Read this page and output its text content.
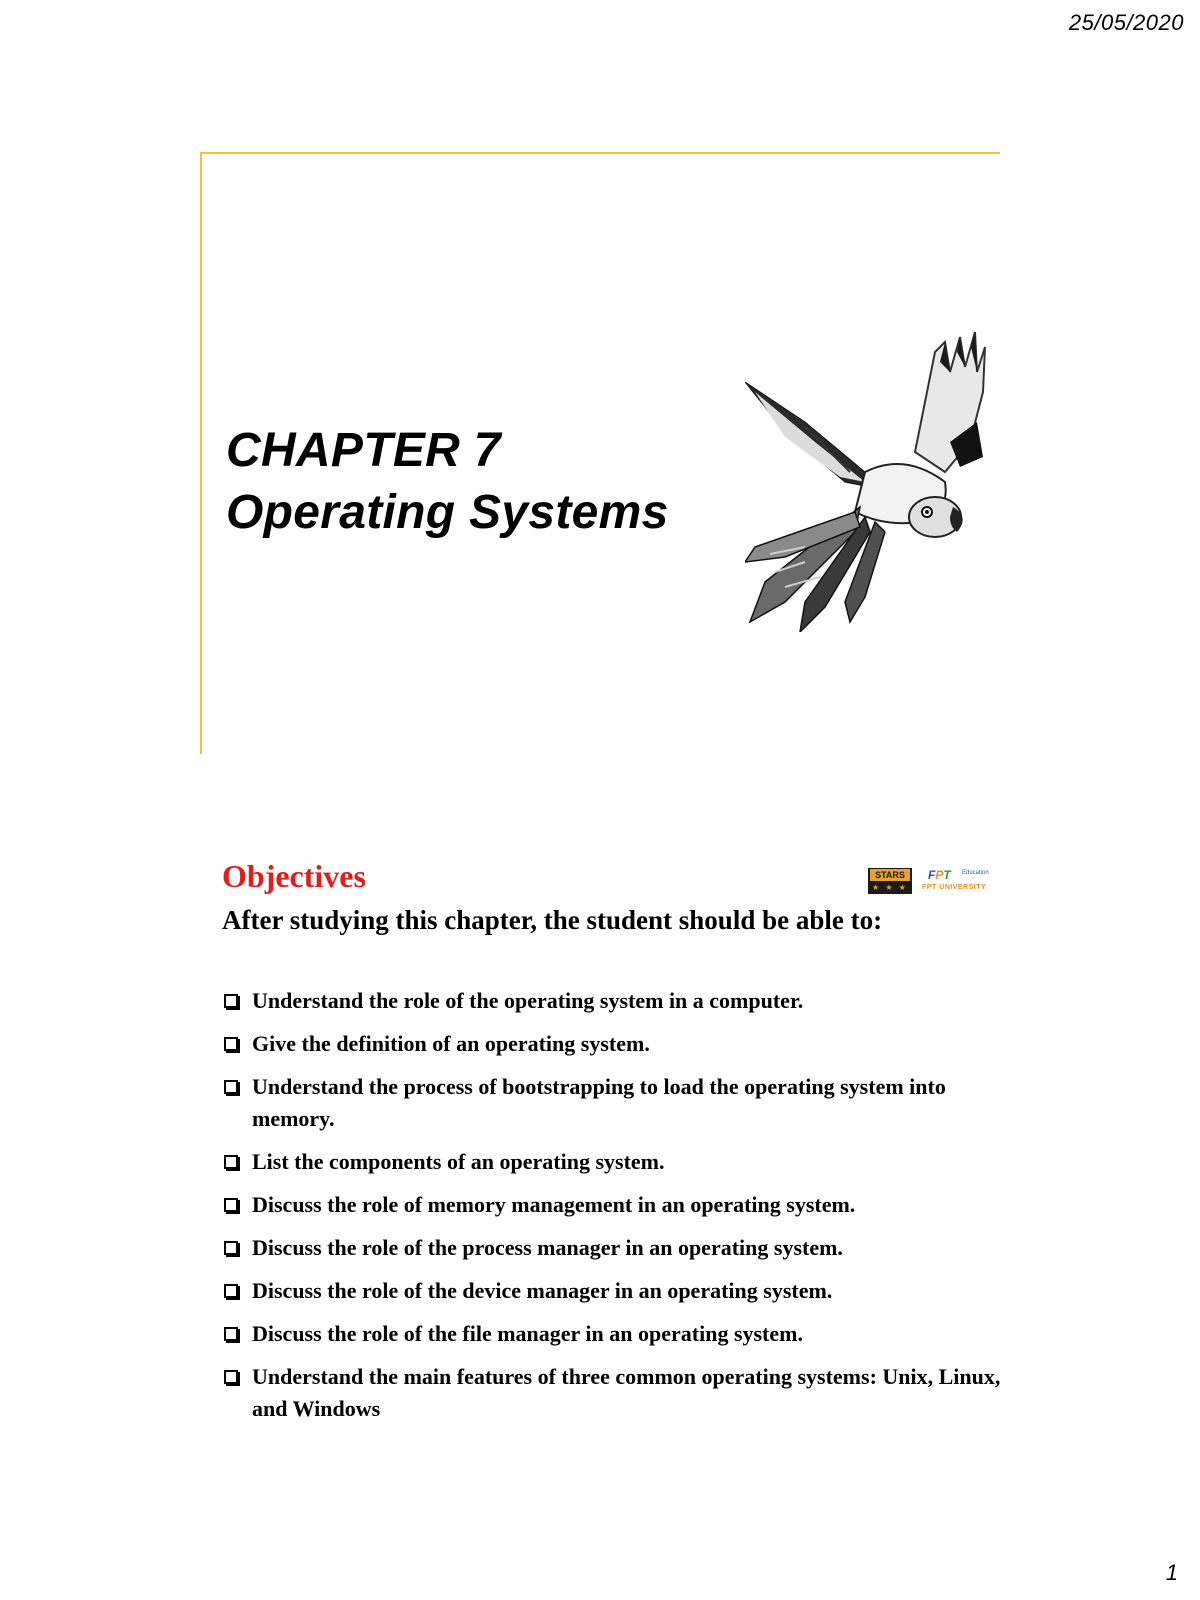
25/05/2020
CHAPTER 7
Operating Systems
Objectives	STARS
★ ★ ★
FPT Education
FPT UNIVERSITY
After studying this chapter, the student should be able to:
Understand the role of the operating system in a computer.
Give the definition of an operating system.
Understand the process of bootstrapping to load the operating system into memory.
List the components of an operating system.
Discuss the role of memory management in an operating system.
Discuss the role of the process manager in an operating system.
Discuss the role of the device manager in an operating system.
Discuss the role of the file manager in an operating system.
Understand the main features of three common operating systems: Unix, Linux, and Windows
1
